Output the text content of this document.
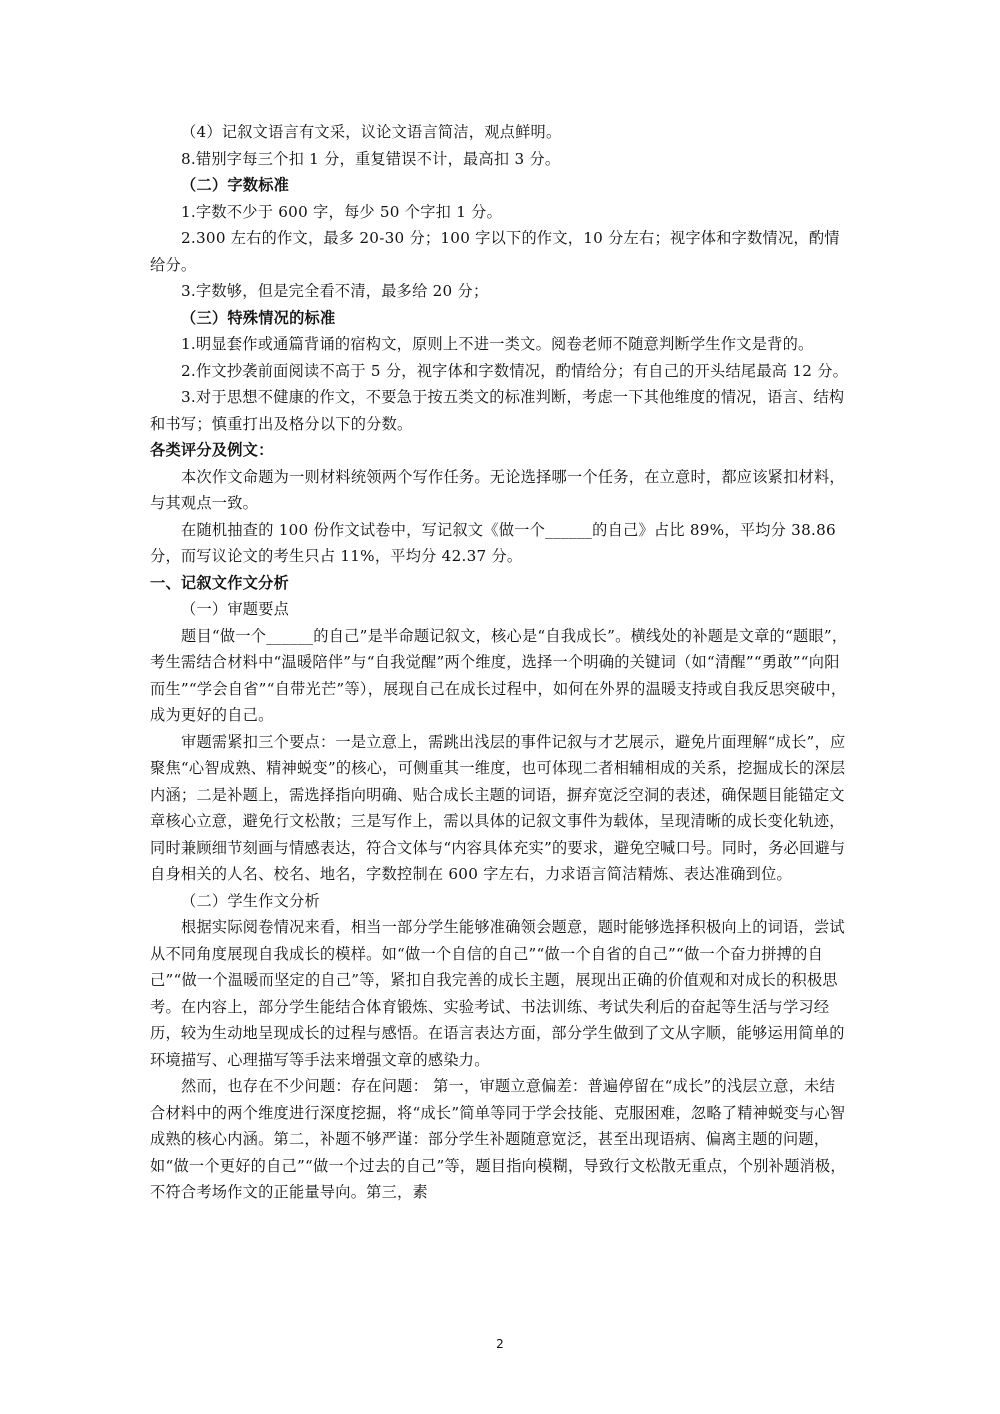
（4）记叙文语言有文采，议论文语言简洁，观点鲜明。

8.错别字每三个扣 1 分，重复错误不计，最高扣 3 分。

（二）字数标准

1.字数不少于 600 字，每少 50 个字扣 1 分。

2.300 左右的作文，最多 20-30 分；100 字以下的作文，10 分左右；视字体和字数情况，酌情给分。

3.字数够，但是完全看不清，最多给 20 分；

（三）特殊情况的标准

1.明显套作或通篇背诵的宿构文，原则上不进一类文。阅卷老师不随意判断学生作文是背的。

2.作文抄袭前面阅读不高于 5 分，视字体和字数情况，酌情给分；有自己的开头结尾最高 12 分。

3.对于思想不健康的作文，不要急于按五类文的标准判断，考虑一下其他维度的情况，语言、结构和书写；慎重打出及格分以下的分数。

各类评分及例文：

本次作文命题为一则材料统领两个写作任务。无论选择哪一个任务，在立意时，都应该紧扣材料，与其观点一致。

在随机抽查的 100 份作文试卷中，写记叙文《做一个______的自己》占比 89%，平均分 38.86 分，而写议论文的考生只占 11%，平均分 42.37 分。

一、记叙文作文分析

（一）审题要点

题目“做一个______的自己”是半命题记叙文，核心是“自我成长”。横线处的补题是文章的“题眼”，考生需结合材料中“温暖陪伴”与“自我觉醒”两个维度，选择一个明确的关键词（如“清醒”“勇敢”“向阳而生”“学会自省”“自带光芒”等），展现自己在成长过程中，如何在外界的温暖支持或自我反思突破中，成为更好的自己。

审题需紧扣三个要点：一是立意上，需跳出浅层的事件记叙与才艺展示，避免片面理解“成长”，应聚焦“心智成熟、精神蜕变”的核心，可侧重其一维度，也可体现二者相辅相成的关系，挖掘成长的深层内涵；二是补题上，需选择指向明确、贴合成长主题的词语，摒弃宽泛空洞的表述，确保题目能锚定文章核心立意，避免行文松散；三是写作上，需以具体的记叙文事件为载体，呈现清晰的成长变化轨迹，同时兼顾细节刻画与情感表达，符合文体与“内容具体充实”的要求，避免空喊口号。同时，务必回避与自身相关的人名、校名、地名，字数控制在 600 字左右，力求语言简洁精炼、表达准确到位。

（二）学生作文分析

根据实际阅卷情况来看，相当一部分学生能够准确领会题意，题时能够选择积极向上的词语，尝试从不同角度展现自我成长的模样。如“做一个自信的自己”“做一个自省的自己”“做一个奋力拼搏的自己”“做一个温暖而坚定的自己”等，紧扣自我完善的成长主题，展现出正确的价值观和对成长的积极思考。在内容上，部分学生能结合体育锻炼、实验考试、书法训练、考试失利后的奋起等生活与学习经历，较为生动地呈现成长的过程与感悟。在语言表达方面，部分学生做到了文从字顺，能够运用简单的环境描写、心理描写等手法来增强文章的感染力。

然而，也存在不少问题：存在问题： 第一，审题立意偏差：普遍停留在“成长”的浅层立意，未结合材料中的两个维度进行深度挖掘，将“成长”简单等同于学会技能、克服困难，忽略了精神蜕变与心智成熟的核心内涵。第二，补题不够严谨：部分学生补题随意宽泛，甚至出现语病、偏离主题的问题，如“做一个更好的自己”“做一个过去的自己”等，题目指向模糊，导致行文松散无重点，个别补题消极，不符合考场作文的正能量导向。第三，素

2
